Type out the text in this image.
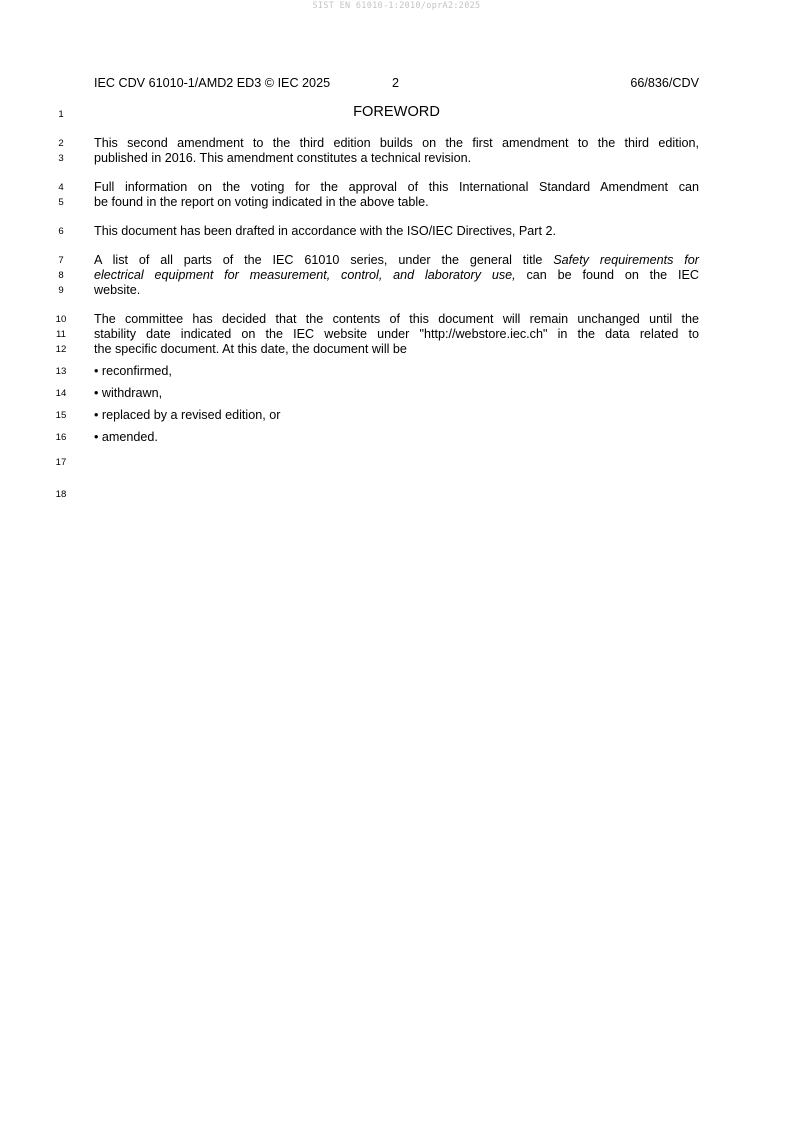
SIST EN 61010-1:2010/oprA2:2025
IEC CDV 61010-1/AMD2 ED3 © IEC 2025	2	66/836/CDV
1
2
3
4
5
6
7
8
9
10
11
12
13
14
15
16
17
18
FOREWORD
This second amendment to the third edition builds on the first amendment to the third edition,
published in 2016. This amendment constitutes a technical revision.
Full information on the voting for the approval of this International Standard Amendment can
be found in the report on voting indicated in the above table.
This document has been drafted in accordance with the ISO/IEC Directives, Part 2.
A list of all parts of the IEC 61010 series, under the general title Safety requirements for
electrical equipment for measurement, control, and laboratory use, can be found on the IEC
website.
The committee has decided that the contents of this document will remain unchanged until the
stability date indicated on the IEC website under "http://webstore.iec.ch" in the data related to
the specific document. At this date, the document will be
• reconfirmed,
• withdrawn,
• replaced by a revised edition, or
• amended.
